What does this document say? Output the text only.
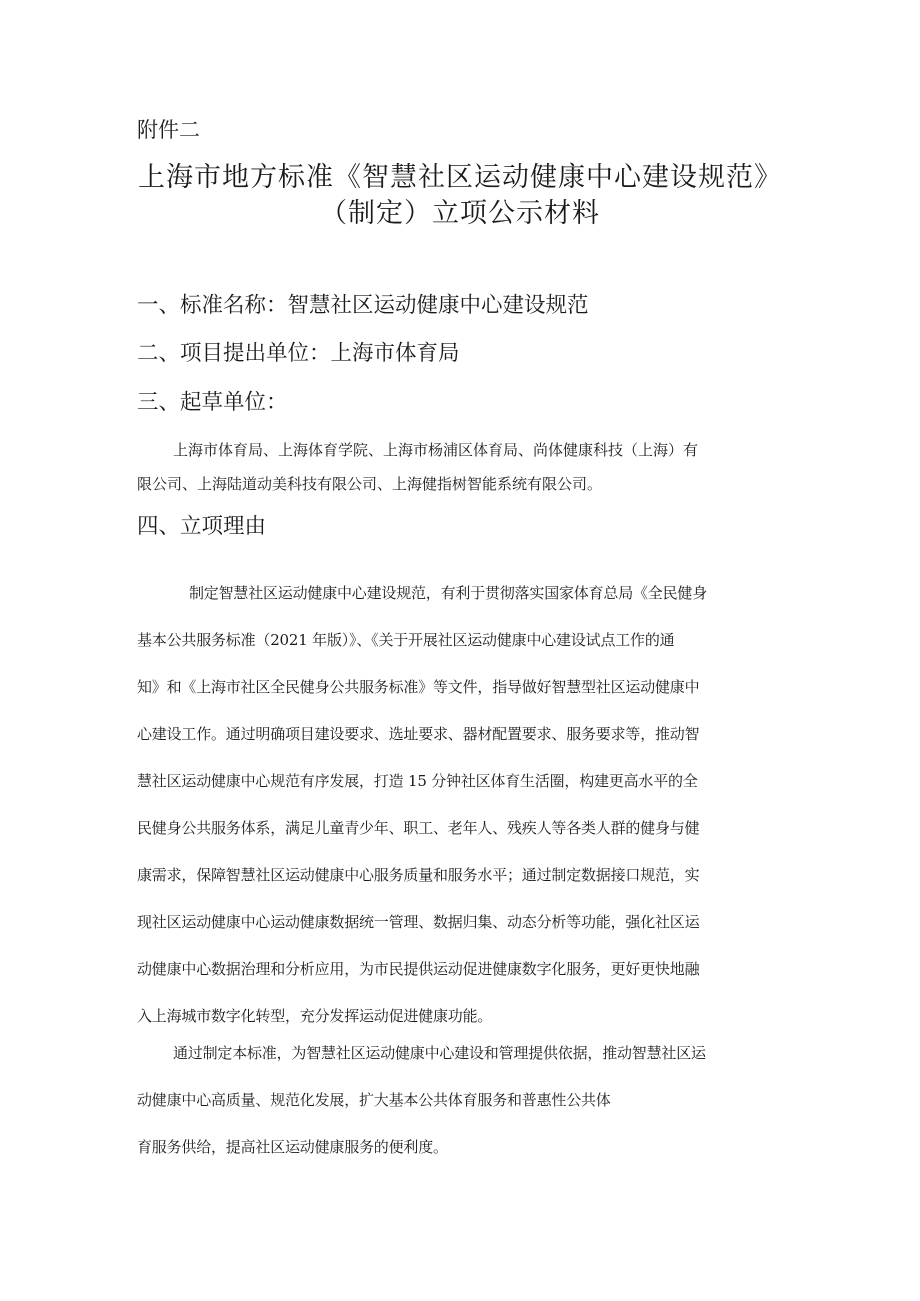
附件二
上海市地方标准《智慧社区运动健康中心建设规范》
（制定）立项公示材料
一、标准名称：智慧社区运动健康中心建设规范
二、项目提出单位：上海市体育局
三、起草单位：
上海市体育局、上海体育学院、上海市杨浦区体育局、尚体健康科技（上海）有
限公司、上海陆道动美科技有限公司、上海健指树智能系统有限公司。
四、立项理由
制定智慧社区运动健康中心建设规范，有利于贯彻落实国家体育总局《全民健身
基本公共服务标准（2021 年版）》、《关于开展社区运动健康中心建设试点工作的通
知》和《上海市社区全民健身公共服务标准》等文件，指导做好智慧型社区运动健康中
心建设工作。通过明确项目建设要求、选址要求、器材配置要求、服务要求等，推动智
慧社区运动健康中心规范有序发展，打造 15 分钟社区体育生活圈，构建更高水平的全
民健身公共服务体系，满足儿童青少年、职工、老年人、残疾人等各类人群的健身与健
康需求，保障智慧社区运动健康中心服务质量和服务水平；通过制定数据接口规范，实
现社区运动健康中心运动健康数据统一管理、数据归集、动态分析等功能，强化社区运
动健康中心数据治理和分析应用，为市民提供运动促进健康数字化服务，更好更快地融
入上海城市数字化转型，充分发挥运动促进健康功能。
通过制定本标准，为智慧社区运动健康中心建设和管理提供依据，推动智慧社区运
动健康中心高质量、规范化发展，扩大基本公共体育服务和普惠性公共体
育服务供给，提高社区运动健康服务的便利度。
